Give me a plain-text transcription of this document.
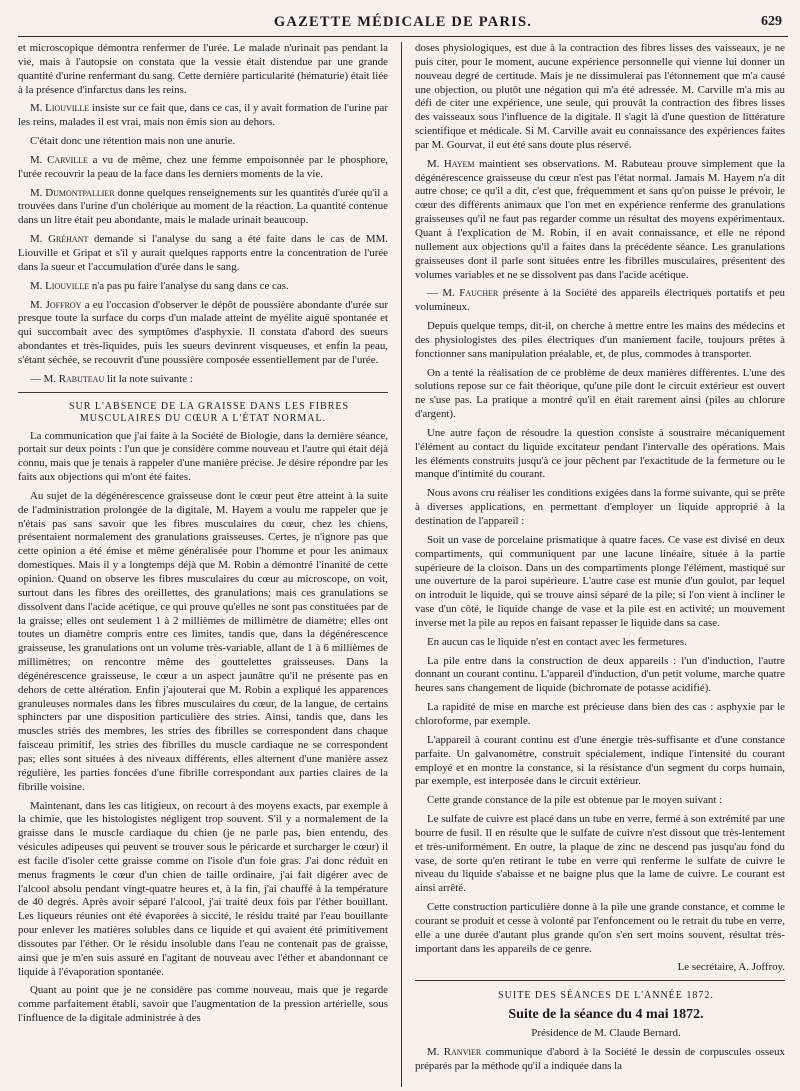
GAZETTE MÉDICALE DE PARIS.	629

et microscopique démontra renfermer de l'urée. Le malade n'urinait pas pendant la vie, mais à l'autopsie on constata que la vessie était distendue par une grande quantité d'urine renfermant du sang. Cette dernière particularité (hématurie) était liée à la présence d'infarctus dans les reins.

M. Liouville insiste sur ce fait que, dans ce cas, il y avait formation de l'urine par les reins, malades il est vrai, mais non émis sion au dehors.

C'était donc une rétention mais non une anurie.

M. Carville a vu de même, chez une femme empoisonnée par le phosphore, l'urée recouvrir la peau de la face dans les derniers moments de la vie.

M. Dumontpallier donne quelques renseignements sur les quantités d'urée qu'il a trouvées dans l'urine d'un cholérique au moment de la réaction. La quantité contenue dans un litre était peu abondante, mais le malade urinait beaucoup.

M. Gréhant demande si l'analyse du sang a été faite dans le cas de MM. Liouville et Gripat et s'il y aurait quelques rapports entre la concentration de l'urée dans la sueur et l'accumulation d'urée dans le sang.

M. Liouville n'a pas pu faire l'analyse du sang dans ce cas.

M. Joffroy a eu l'occasion d'observer le dépôt de poussière abondante d'urée sur presque toute la surface du corps d'un malade atteint de myélite aiguë spontanée et qui succombait avec des symptômes d'asphyxie. Il constata d'abord des sueurs abondantes et très-liquides, puis les sueurs devinrent visqueuses, et enfin la peau, s'étant séchée, se recouvrit d'une poussière composée essentiellement par de l'urée.

— M. Rabuteau lit la note suivante :

SUR L'ABSENCE DE LA GRAISSE DANS LES FIBRES MUSCULAIRES DU CŒUR A L'ÉTAT NORMAL.

La communication que j'ai faite à la Société de Biologie, dans la dernière séance, portait sur deux points : l'un que je considère comme nouveau et l'autre qui était déjà connu, mais que je tenais à rappeler d'une manière précise. Je désire répondre par les faits aux objections qui m'ont été faites.

Au sujet de la dégénérescence graisseuse dont le cœur peut être atteint à la suite de l'administration prolongée de la digitale, M. Hayem a voulu me rappeler que je n'étais pas sans savoir que les fibres musculaires du cœur, chez les chiens, présentaient normalement des granulations graisseuses. Certes, je n'ignore pas que cette opinion a été émise et même généralisée pour l'homme et pour les animaux domestiques. Mais il y a longtemps déjà que M. Robin a démontré l'inanité de cette opinion. Quand on observe les fibres musculaires du cœur au microscope, on voit, surtout dans les fibres des oreillettes, des granulations; mais ces granulations se dissolvent dans l'acide acétique, ce qui prouve qu'elles ne sont pas constituées par de la graisse; elles ont seulement 1 à 2 millièmes de millimètre de diamètre; elles ont toutes un diamètre compris entre ces limites, tandis que, dans la dégénérescence graisseuse, les granulations ont un volume très-variable, allant de 1 à 6 millièmes de millimètres; on rencontre même des gouttelettes graisseuses. Dans la dégénérescence graisseuse, le cœur a un aspect jaunâtre qu'il ne présente pas en dehors de cette altération. Enfin j'ajouterai que M. Robin a expliqué les apparences granuleuses normales dans les fibres musculaires du cœur, de la langue, de certains sphincters par une disposition particulière des stries. Ainsi, tandis que, dans les muscles striés des membres, les stries des fibrilles se correspondent dans chaque faisceau primitif, les stries des fibrilles du muscle cardiaque ne se correspondent pas; elles sont situées à des niveaux différents, elles alternent d'une manière assez régulière, les parties foncées d'une fibrille correspondant aux parties claires de la fibrille voisine.

Maintenant, dans les cas litigieux, on recourt à des moyens exacts, par exemple à la chimie, que les histologistes négligent trop souvent. S'il y a normalement de la graisse dans le muscle cardiaque du chien (je ne parle pas, bien entendu, des vésicules adipeuses qui peuvent se trouver sous le péricarde et surcharger le cœur) il est facile d'isoler cette graisse comme on l'isole d'un foie gras. J'ai donc réduit en menus fragments le cœur d'un chien de taille ordinaire, j'ai fait digérer avec de l'alcool absolu pendant vingt-quatre heures et, à la fin, j'ai chauffé à la température de 40 degrés. Après avoir séparé l'alcool, j'ai traité deux fois par l'éther bouillant. Les liqueurs réunies ont été évaporées à siccité, le résidu traité par l'eau bouillante pour enlever les matières solubles dans ce liquide et qui avaient été primitivement dissoutes par l'éther. Or le résidu insoluble dans l'eau ne contenait pas de graisse, ainsi que je m'en suis assuré en l'agitant de nouveau avec l'éther et abandonnant ce liquide à l'évaporation spontanée.

Quant au point que je ne considère pas comme nouveau, mais que je regarde comme parfaitement établi, savoir que l'augmentation de la pression artérielle, sous l'influence de la digitale administrée à des

doses physiologiques, est due à la contraction des fibres lisses des vaisseaux, je ne puis citer, pour le moment, aucune expérience personnelle qui vienne lui donner un nouveau degré de certitude. Mais je ne dissimulerai pas l'étonnement que m'a causé une objection, ou plutôt une négation qui m'a été adressée. M. Carville m'a mis au défi de citer une expérience, une seule, qui prouvât la contraction des fibres lisses des vaisseaux sous l'influence de la digitale. Il s'agit là d'une question de littérature scientifique et médicale. Si M. Carville avait eu connaissance des expériences faites par M. Gourvat, il eut été sans doute plus réservé.

M. Hayem maintient ses observations. M. Rabuteau prouve simplement que la dégénérescence graisseuse du cœur n'est pas l'état normal. Jamais M. Hayem n'a dit autre chose; ce qu'il a dit, c'est que, fréquemment et sans qu'on puisse le prévoir, le cœur des différents animaux que l'on met en expérience renferme des granulations graisseuses qu'il ne faut pas regarder comme un résultat des moyens expérimentaux. Quant à l'explication de M. Robin, il en avait connaissance, et elle ne répond nullement aux objections qu'il a faites dans la précédente séance. Les granulations graisseuses dont il parle sont situées entre les fibrilles musculaires, présentent des volumes variables et ne se dissolvent pas dans l'acide acétique.

— M. Faucher présente à la Société des appareils électriques portatifs et peu volumineux.

Depuis quelque temps, dit-il, on cherche à mettre entre les mains des médecins et des physiologistes des piles électriques d'un maniement facile, toujours prêtes à fonctionner sans manipulation préalable, et, de plus, commodes à transporter.

On a tenté la réalisation de ce problème de deux manières différentes. L'une des solutions repose sur ce fait théorique, qu'une pile dont le circuit extérieur est ouvert ne s'use pas. La pratique a montré qu'il en était rarement ainsi (piles au chlorure d'argent).

Une autre façon de résoudre la question consiste à soustraire mécaniquement l'élément au contact du liquide excitateur pendant l'intervalle des opérations. Mais les éléments construits jusqu'à ce jour pêchent par l'exactitude de la fermeture ou le manque d'intimité du courant.

Nous avons cru réaliser les conditions exigées dans la forme suivante, qui se prête à diverses applications, en permettant d'employer un liquide approprié à la destination de l'appareil :

Soit un vase de porcelaine prismatique à quatre faces. Ce vase est divisé en deux compartiments, qui communiquent par une lacune linéaire, située à la partie supérieure de la cloison. Dans un des compartiments plonge l'élément, mastiqué sur une ouverture de la paroi supérieure. L'autre case est munie d'un goulot, par lequel on introduit le liquide, qui se trouve ainsi séparé de la pile; si l'on vient à incliner le vase d'un côté, le liquide change de vase et la pile est en activité; un mouvement inverse met la pile au repos en faisant repasser le liquide dans sa case.

En aucun cas le liquide n'est en contact avec les fermetures.

La pile entre dans la construction de deux appareils : l'un d'induction, l'autre donnant un courant continu. L'appareil d'induction, d'un petit volume, marche quatre heures sans changement de liquide (bichromate de potasse acidifié).

La rapidité de mise en marche est précieuse dans bien des cas : asphyxie par le chloroforme, par exemple.

L'appareil à courant continu est d'une énergie très-suffisante et d'une constance parfaite. Un galvanomètre, construit spécialement, indique l'intensité du courant employé et en montre la constance, si la résistance d'un segment du corps humain, par exemple, est interposée dans le circuit extérieur.

Cette grande constance de la pile est obtenue par le moyen suivant :

Le sulfate de cuivre est placé dans un tube en verre, fermé à son extrémité par une bourre de fusil. Il en résulte que le sulfate de cuivre n'est dissout que très-lentement et très-uniformément. En outre, la plaque de zinc ne descend pas jusqu'au fond du vase, de sorte qu'en retirant le tube en verre qui renferme le sulfate de cuivre le niveau du liquide s'abaisse et ne baigne plus que la lame de cuivre. Le courant est ainsi arrêté.

Cette construction particulière donne à la pile une grande constance, et comme le courant se produit et cesse à volonté par l'enfoncement ou le retrait du tube en verre, elle a une durée d'autant plus grande qu'on s'en sert moins souvent, résultat très-important dans les appareils de ce genre.

Le secrétaire, A. Joffroy.

SUITE DES SÉANCES DE L'ANNÉE 1872.

Suite de la séance du 4 mai 1872.

Présidence de M. Claude Bernard.

M. Ranvier communique d'abord à la Société le dessin de corpuscules osseux préparés par la méthode qu'il a indiquée dans la
